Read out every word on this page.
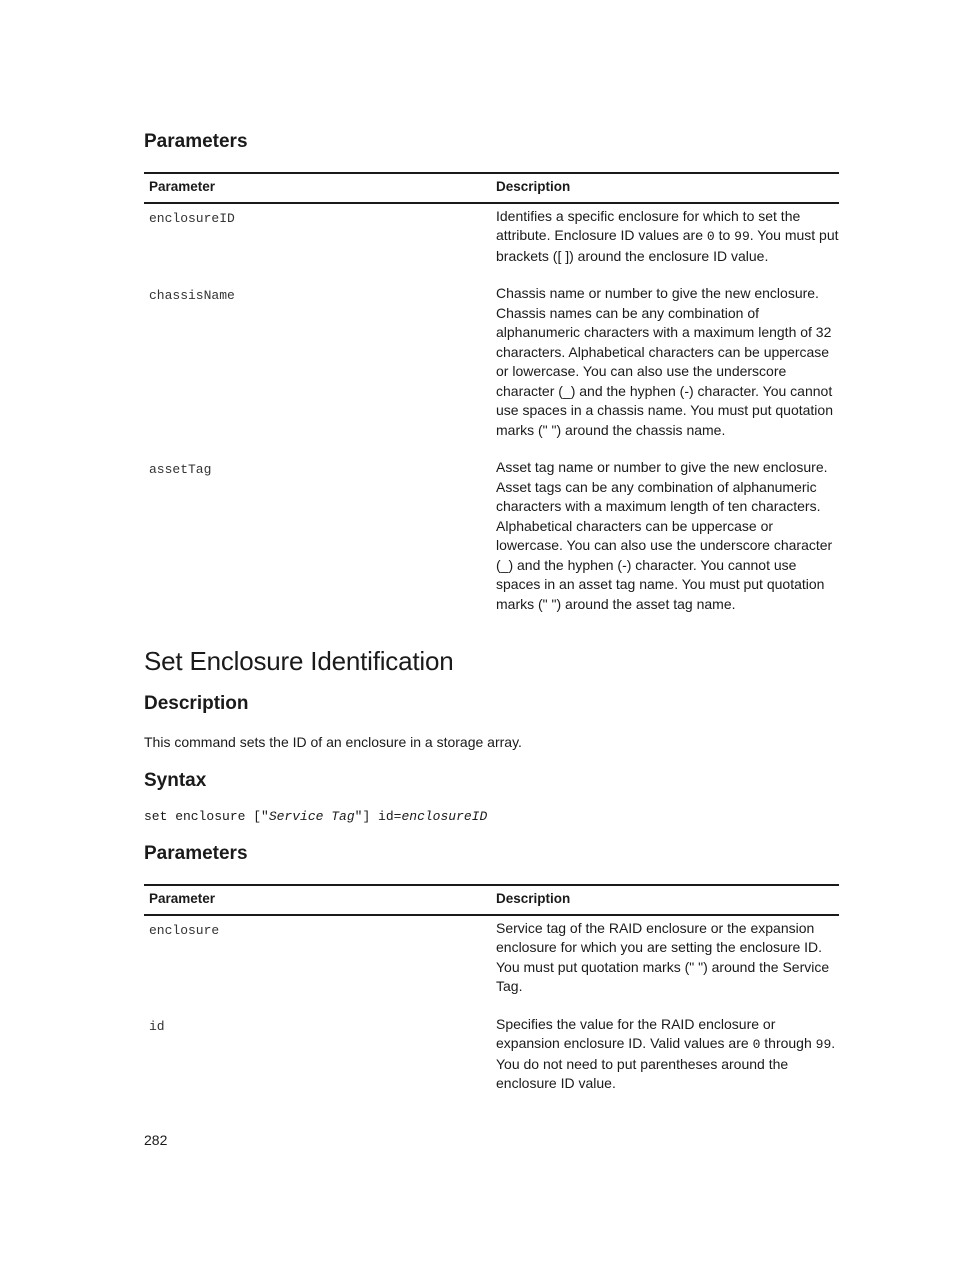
Parameters
Parameter	Description
enclosureID	Identifies a specific enclosure for which to set the attribute. Enclosure ID values are 0 to 99. You must put brackets ([ ]) around the enclosure ID value.
chassisName	Chassis name or number to give the new enclosure. Chassis names can be any combination of alphanumeric characters with a maximum length of 32 characters. Alphabetical characters can be uppercase or lowercase. You can also use the underscore character (_) and the hyphen (-) character. You cannot use spaces in a chassis name. You must put quotation marks (" ") around the chassis name.
assetTag	Asset tag name or number to give the new enclosure. Asset tags can be any combination of alphanumeric characters with a maximum length of ten characters. Alphabetical characters can be uppercase or lowercase. You can also use the underscore character (_) and the hyphen (-) character. You cannot use spaces in an asset tag name. You must put quotation marks (" ") around the asset tag name.
Set Enclosure Identification
Description

This command sets the ID of an enclosure in a storage array.

Syntax
set enclosure ["Service Tag"] id=enclosureID
Parameters
Parameter	Description
enclosure	Service tag of the RAID enclosure or the expansion enclosure for which you are setting the enclosure ID. You must put quotation marks (" ") around the Service Tag.
id	Specifies the value for the RAID enclosure or expansion enclosure ID. Valid values are 0 through 99. You do not need to put parentheses around the enclosure ID value.
282
